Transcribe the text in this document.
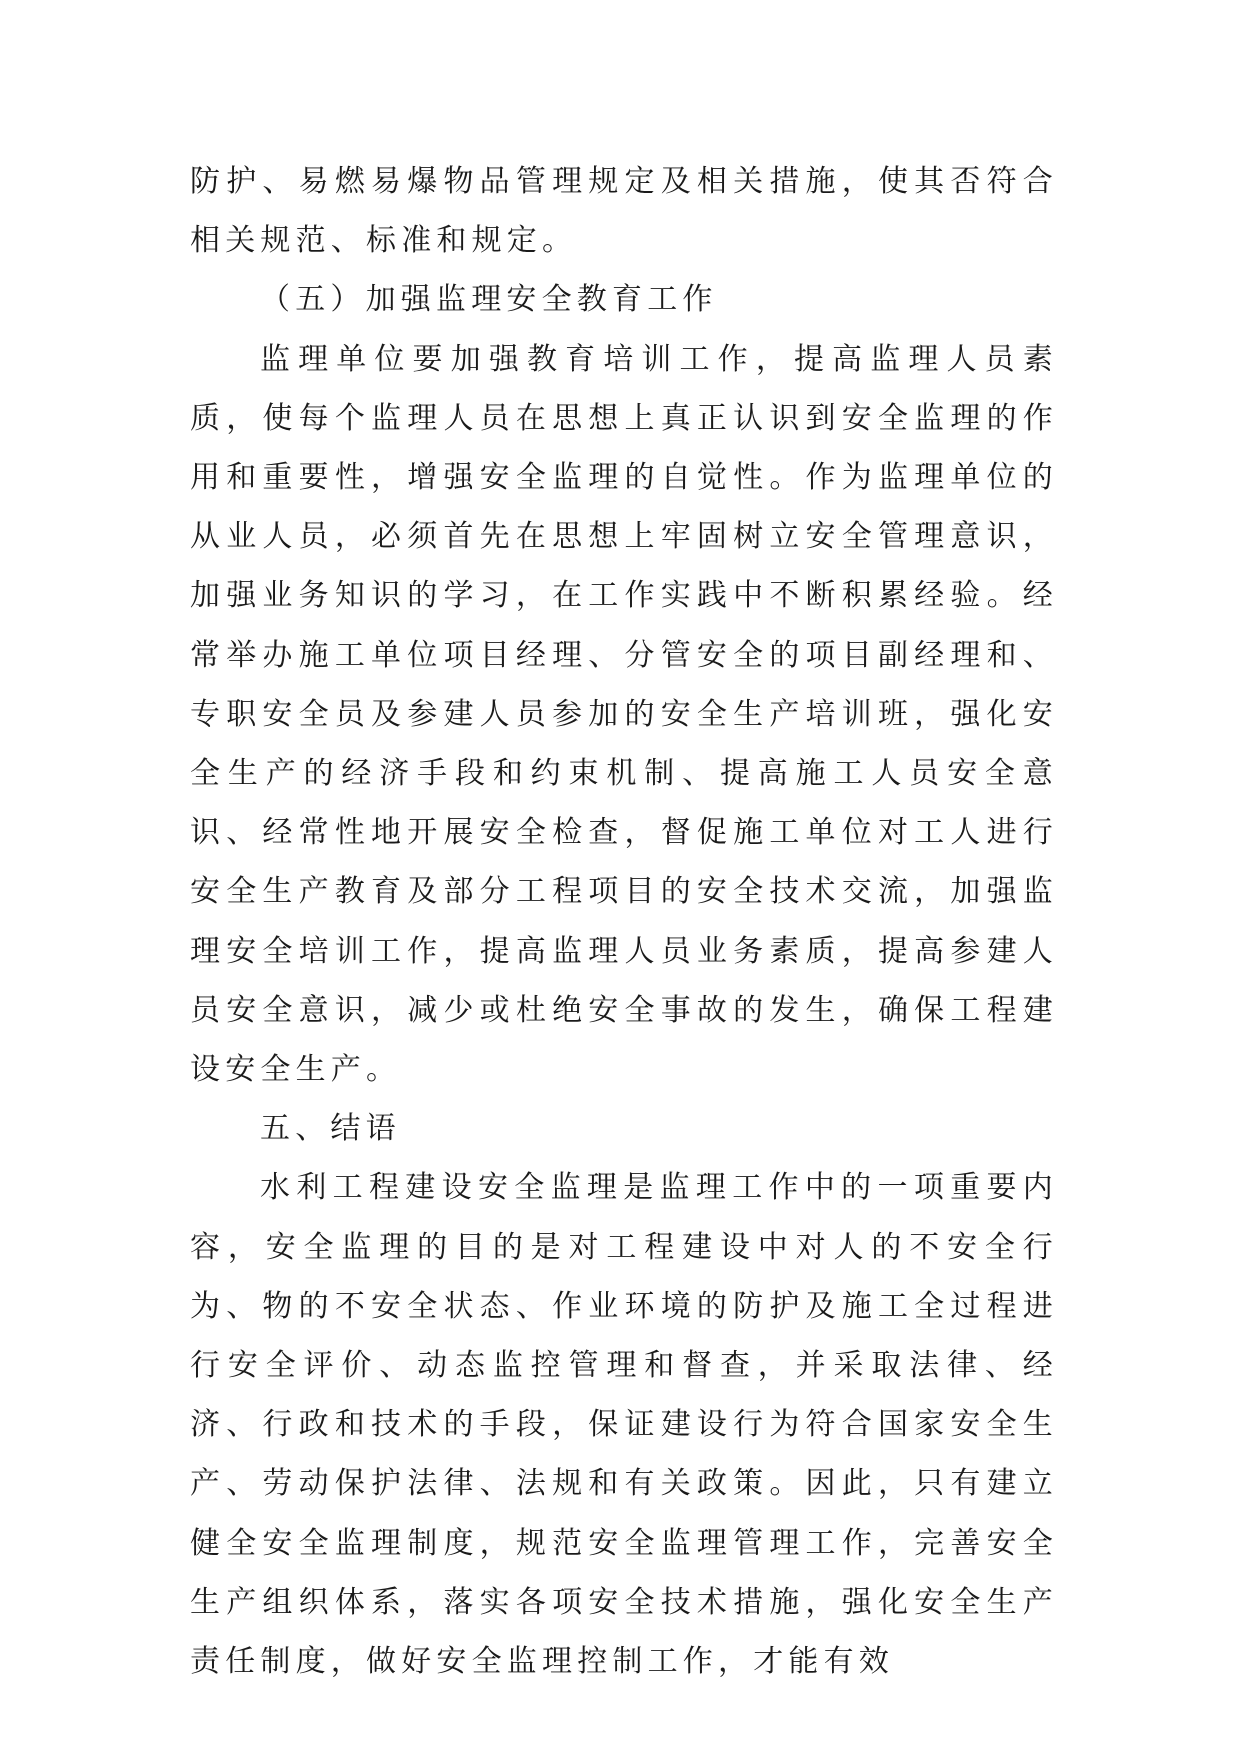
防护、易燃易爆物品管理规定及相关措施，使其否符合相关规范、标准和规定。

（五）加强监理安全教育工作

监理单位要加强教育培训工作，提高监理人员素质，使每个监理人员在思想上真正认识到安全监理的作用和重要性，增强安全监理的自觉性。作为监理单位的从业人员，必须首先在思想上牢固树立安全管理意识，加强业务知识的学习，在工作实践中不断积累经验。经常举办施工单位项目经理、分管安全的项目副经理和、专职安全员及参建人员参加的安全生产培训班，强化安全生产的经济手段和约束机制、提高施工人员安全意识、经常性地开展安全检查，督促施工单位对工人进行安全生产教育及部分工程项目的安全技术交流，加强监理安全培训工作，提高监理人员业务素质，提高参建人员安全意识，减少或杜绝安全事故的发生，确保工程建设安全生产。

五、结语

水利工程建设安全监理是监理工作中的一项重要内容，安全监理的目的是对工程建设中对人的不安全行为、物的不安全状态、作业环境的防护及施工全过程进行安全评价、动态监控管理和督查，并采取法律、经济、行政和技术的手段，保证建设行为符合国家安全生产、劳动保护法律、法规和有关政策。因此，只有建立健全安全监理制度，规范安全监理管理工作，完善安全生产组织体系，落实各项安全技术措施，强化安全生产责任制度，做好安全监理控制工作，才能有效
